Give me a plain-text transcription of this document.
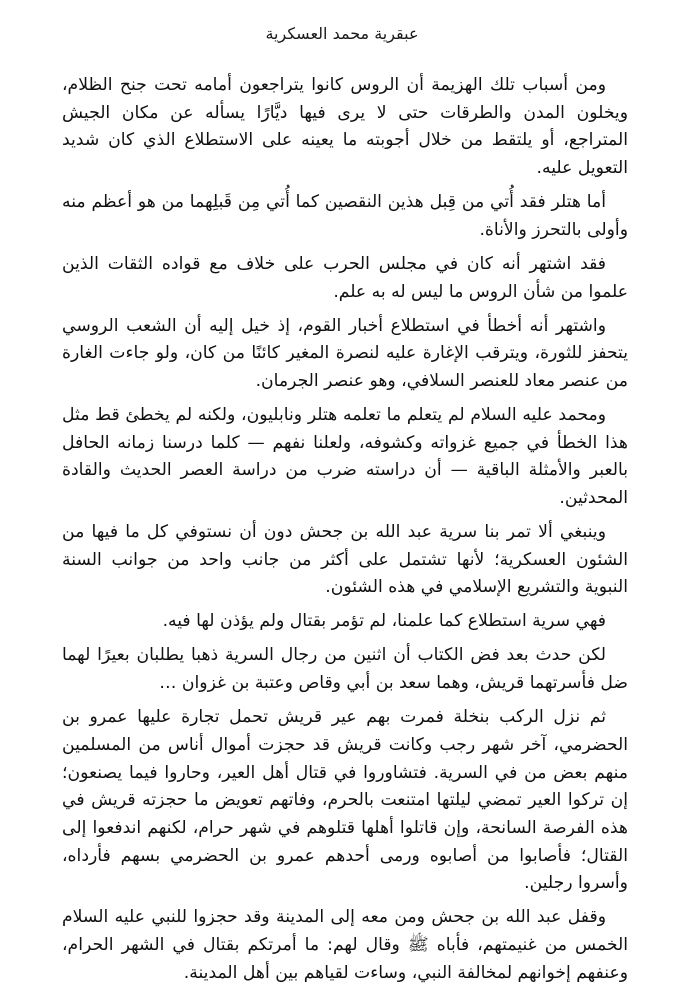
عبقرية محمد العسكرية

ومن أسباب تلك الهزيمة أن الروس كانوا يتراجعون أمامه تحت جنح الظلام، ويخلون المدن والطرقات حتى لا يرى فيها ديَّارًا يسأله عن مكان الجيش المتراجع، أو يلتقط من خلال أجوبته ما يعينه على الاستطلاع الذي كان شديد التعويل عليه.

أما هتلر فقد أُتي من قِبل هذين النقصين كما أُتي مِن قَبلِهما من هو أعظم منه وأولى بالتحرز والأناة.

فقد اشتهر أنه كان في مجلس الحرب على خلاف مع قواده الثقات الذين علموا من شأن الروس ما ليس له به علم.

واشتهر أنه أخطأ في استطلاع أخبار القوم، إذ خيل إليه أن الشعب الروسي يتحفز للثورة، ويترقب الإغارة عليه لنصرة المغير كائنًا من كان، ولو جاءت الغارة من عنصر معاد للعنصر السلافي، وهو عنصر الجرمان.

ومحمد عليه السلام لم يتعلم ما تعلمه هتلر ونابليون، ولكنه لم يخطئ قط مثل هذا الخطأ في جميع غزواته وكشوفه، ولعلنا نفهم — كلما درسنا زمانه الحافل بالعبر والأمثلة الباقية — أن دراسته ضرب من دراسة العصر الحديث والقادة المحدثين.

وينبغي ألا تمر بنا سرية عبد الله بن جحش دون أن نستوفي كل ما فيها من الشئون العسكرية؛ لأنها تشتمل على أكثر من جانب واحد من جوانب السنة النبوية والتشريع الإسلامي في هذه الشئون.

فهي سرية استطلاع كما علمنا، لم تؤمر بقتال ولم يؤذن لها فيه.

لكن حدث بعد فض الكتاب أن اثنين من رجال السرية ذهبا يطلبان بعيرًا لهما ضل فأسرتهما قريش، وهما سعد بن أبي وقاص وعتبة بن غزوان …

ثم نزل الركب بنخلة فمرت بهم عير قريش تحمل تجارة عليها عمرو بن الحضرمي، آخر شهر رجب وكانت قريش قد حجزت أموال أناس من المسلمين منهم بعض من في السرية. فتشاوروا في قتال أهل العير، وحاروا فيما يصنعون؛ إن تركوا العير تمضي ليلتها امتنعت بالحرم، وفاتهم تعويض ما حجزته قريش في هذه الفرصة السانحة، وإن قاتلوا أهلها قتلوهم في شهر حرام، لكنهم اندفعوا إلى القتال؛ فأصابوا من أصابوه ورمى أحدهم عمرو بن الحضرمي بسهم فأرداه، وأسروا رجلين.

وقفل عبد الله بن جحش ومن معه إلى المدينة وقد حجزوا للنبي عليه السلام الخمس من غنيمتهم، فأباه ﷺ وقال لهم: ما أمرتكم بقتال في الشهر الحرام، وعنفهم إخوانهم لمخالفة النبي، وساءت لقياهم بين أهل المدينة.
